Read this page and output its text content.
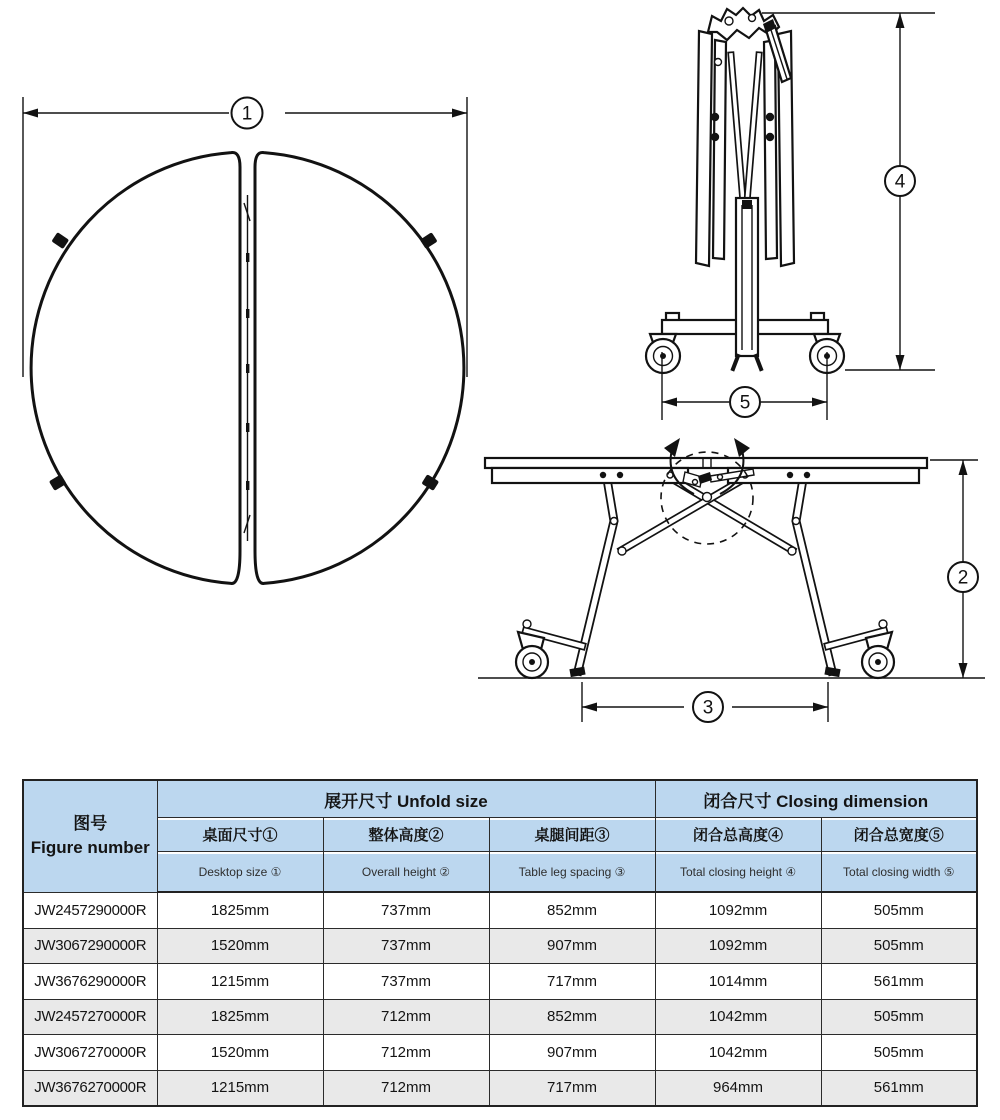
1
4
5
2
3
图号
Figure number	展开尺寸 Unfold size			闭合尺寸 Closing dimension	
	桌面尺寸①	整体高度②	桌腿间距③	闭合总高度④	闭合总宽度⑤
	Desktop size ①	Overall height ②	Table leg spacing ③	Total closing height ④	Total closing width ⑤
JW2457290000R	1825mm	737mm	852mm	1092mm	505mm
JW3067290000R	1520mm	737mm	907mm	1092mm	505mm
JW3676290000R	1215mm	737mm	717mm	1014mm	561mm
JW2457270000R	1825mm	712mm	852mm	1042mm	505mm
JW3067270000R	1520mm	712mm	907mm	1042mm	505mm
JW3676270000R	1215mm	712mm	717mm	964mm	561mm
